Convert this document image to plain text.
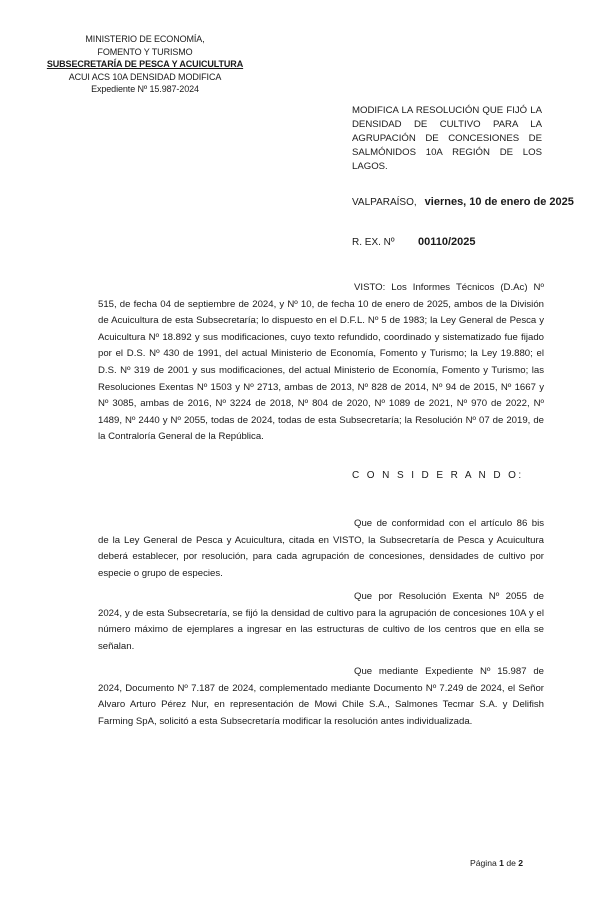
MINISTERIO DE ECONOMÍA,
FOMENTO Y TURISMO
SUBSECRETARÍA DE PESCA Y ACUICULTURA
ACUI ACS 10A DENSIDAD MODIFICA
Expediente Nº 15.987-2024
MODIFICA LA RESOLUCIÓN QUE FIJÓ LA DENSIDAD DE CULTIVO PARA LA AGRUPACIÓN DE CONCESIONES DE SALMÓNIDOS 10A REGIÓN DE LOS LAGOS.
VALPARAÍSO, viernes, 10 de enero de 2025
R. EX. Nº 00110/2025
VISTO: Los Informes Técnicos (D.Ac) Nº 515, de fecha 04 de septiembre de 2024, y Nº 10, de fecha 10 de enero de 2025, ambos de la División de Acuicultura de esta Subsecretaría; lo dispuesto en el D.F.L. Nº 5 de 1983; la Ley General de Pesca y Acuicultura Nº 18.892 y sus modificaciones, cuyo texto refundido, coordinado y sistematizado fue fijado por el D.S. Nº 430 de 1991, del actual Ministerio de Economía, Fomento y Turismo; la Ley 19.880; el D.S. Nº 319 de 2001 y sus modificaciones, del actual Ministerio de Economía, Fomento y Turismo; las Resoluciones Exentas Nº 1503 y Nº 2713, ambas de 2013, Nº 828 de 2014, Nº 94 de 2015, Nº 1667 y Nº 3085, ambas de 2016, Nº 3224 de 2018, Nº 804 de 2020, Nº 1089 de 2021, Nº 970 de 2022, Nº 1489, Nº 2440 y Nº 2055, todas de 2024, todas de esta Subsecretaría; la Resolución Nº 07 de 2019, de la Contraloría General de la República.
C O N S I D E R A N D O:
Que de conformidad con el artículo 86 bis de la Ley General de Pesca y Acuicultura, citada en VISTO, la Subsecretaría de Pesca y Acuicultura deberá establecer, por resolución, para cada agrupación de concesiones, densidades de cultivo por especie o grupo de especies.
Que por Resolución Exenta Nº 2055 de 2024, y de esta Subsecretaría, se fijó la densidad de cultivo para la agrupación de concesiones 10A y el número máximo de ejemplares a ingresar en las estructuras de cultivo de los centros que en ella se señalan.
Que mediante Expediente Nº 15.987 de 2024, Documento Nº 7.187 de 2024, complementado mediante Documento Nº 7.249 de 2024, el Señor Alvaro Arturo Pérez Nur, en representación de Mowi Chile S.A., Salmones Tecmar S.A. y Delifish Farming SpA, solicitó a esta Subsecretaría modificar la resolución antes individualizada.
Página 1 de 2
